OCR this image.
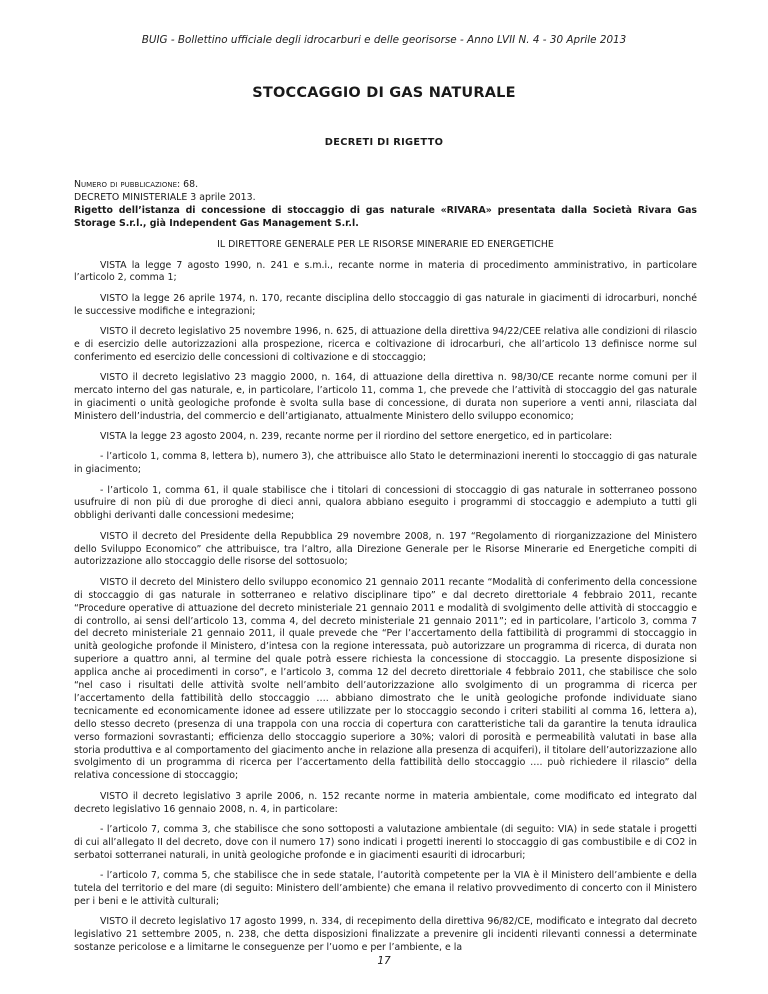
BUIG - Bollettino ufficiale degli idrocarburi e delle georisorse - Anno LVII N. 4 - 30 Aprile 2013
STOCCAGGIO DI GAS NATURALE
DECRETI DI RIGETTO

Numero di pubblicazione: 68.

DECRETO MINISTERIALE 3 aprile 2013.

Rigetto dell’istanza di concessione di stoccaggio di gas naturale «RIVARA» presentata dalla Società Rivara Gas Storage S.r.l., già Independent Gas Management S.r.l.

IL DIRETTORE GENERALE PER LE RISORSE MINERARIE ED ENERGETICHE

VISTA la legge 7 agosto 1990, n. 241 e s.m.i., recante norme in materia di procedimento amministrativo, in particolare l’articolo 2, comma 1;

VISTO la legge 26 aprile 1974, n. 170, recante disciplina dello stoccaggio di gas naturale in giacimenti di idrocarburi, nonché le successive modifiche e integrazioni;

VISTO il decreto legislativo 25 novembre 1996, n. 625, di attuazione della direttiva 94/22/CEE relativa alle condizioni di rilascio e di esercizio delle autorizzazioni alla prospezione, ricerca e coltivazione di idrocarburi, che all’articolo 13 definisce norme sul conferimento ed esercizio delle concessioni di coltivazione e di stoccaggio;

VISTO il decreto legislativo 23 maggio 2000, n. 164, di attuazione della direttiva n. 98/30/CE recante norme comuni per il mercato interno del gas naturale, e, in particolare, l’articolo 11, comma 1, che prevede che l’attività di stoccaggio del gas naturale in giacimenti o unità geologiche profonde è svolta sulla base di concessione, di durata non superiore a venti anni, rilasciata dal Ministero dell’industria, del commercio e dell’artigianato, attualmente Ministero dello sviluppo economico;

VISTA la legge 23 agosto 2004, n. 239, recante norme per il riordino del settore energetico, ed in particolare:

- l’articolo 1, comma 8, lettera b), numero 3), che attribuisce allo Stato le determinazioni inerenti lo stoccaggio di gas naturale in giacimento;

- l’articolo 1, comma 61, il quale stabilisce che i titolari di concessioni di stoccaggio di gas naturale in sotterraneo possono usufruire di non più di due proroghe di dieci anni, qualora abbiano eseguito i programmi di stoccaggio e adempiuto a tutti gli obblighi derivanti dalle concessioni medesime;

VISTO il decreto del Presidente della Repubblica 29 novembre 2008, n. 197 “Regolamento di riorganizzazione del Ministero dello Sviluppo Economico” che attribuisce, tra l’altro, alla Direzione Generale per le Risorse Minerarie ed Energetiche compiti di autorizzazione allo stoccaggio delle risorse del sottosuolo;

VISTO il decreto del Ministero dello sviluppo economico 21 gennaio 2011 recante “Modalità di conferimento della concessione di stoccaggio di gas naturale in sotterraneo e relativo disciplinare tipo” e dal decreto direttoriale 4 febbraio 2011, recante “Procedure operative di attuazione del decreto ministeriale 21 gennaio 2011 e modalità di svolgimento delle attività di stoccaggio e di controllo, ai sensi dell’articolo 13, comma 4, del decreto ministeriale 21 gennaio 2011”; ed in particolare, l’articolo 3, comma 7 del decreto ministeriale 21 gennaio 2011, il quale prevede che “Per l’accertamento della fattibilità di programmi di stoccaggio in unità geologiche profonde il Ministero, d’intesa con la regione interessata, può autorizzare un programma di ricerca, di durata non superiore a quattro anni, al termine del quale potrà essere richiesta la concessione di stoccaggio. La presente disposizione si applica anche ai procedimenti in corso”, e l’articolo 3, comma 12 del decreto direttoriale 4 febbraio 2011, che stabilisce che solo “nel caso i risultati delle attività svolte nell’ambito dell’autorizzazione allo svolgimento di un programma di ricerca per l’accertamento della fattibilità dello stoccaggio …. abbiano dimostrato che le unità geologiche profonde individuate siano tecnicamente ed economicamente idonee ad essere utilizzate per lo stoccaggio secondo i criteri stabiliti al comma 16, lettera a), dello stesso decreto (presenza di una trappola con una roccia di copertura con caratteristiche tali da garantire la tenuta idraulica verso formazioni sovrastanti; efficienza dello stoccaggio superiore a 30%; valori di porosità e permeabilità valutati in base alla storia produttiva e al comportamento del giacimento anche in relazione alla presenza di acquiferi), il titolare dell’autorizzazione allo svolgimento di un programma di ricerca per l’accertamento della fattibilità dello stoccaggio …. può richiedere il rilascio” della relativa concessione di stoccaggio;

VISTO il decreto legislativo 3 aprile 2006, n. 152 recante norme in materia ambientale, come modificato ed integrato dal decreto legislativo 16 gennaio 2008, n. 4, in particolare:

- l’articolo 7, comma 3, che stabilisce che sono sottoposti a valutazione ambientale (di seguito: VIA) in sede statale i progetti di cui all’allegato II del decreto, dove con il numero 17) sono indicati i progetti inerenti lo stoccaggio di gas combustibile e di CO2 in serbatoi sotterranei naturali, in unità geologiche profonde e in giacimenti esauriti di idrocarburi;

- l’articolo 7, comma 5, che stabilisce che in sede statale, l’autorità competente per la VIA è il Ministero dell’ambiente e della tutela del territorio e del mare (di seguito: Ministero dell’ambiente) che emana il relativo provvedimento di concerto con il Ministero per i beni e le attività culturali;

VISTO il decreto legislativo 17 agosto 1999, n. 334, di recepimento della direttiva 96/82/CE, modificato e integrato dal decreto legislativo 21 settembre 2005, n. 238, che detta disposizioni finalizzate a prevenire gli incidenti rilevanti connessi a determinate sostanze pericolose e a limitarne le conseguenze per l’uomo e per l’ambiente, e la

17
